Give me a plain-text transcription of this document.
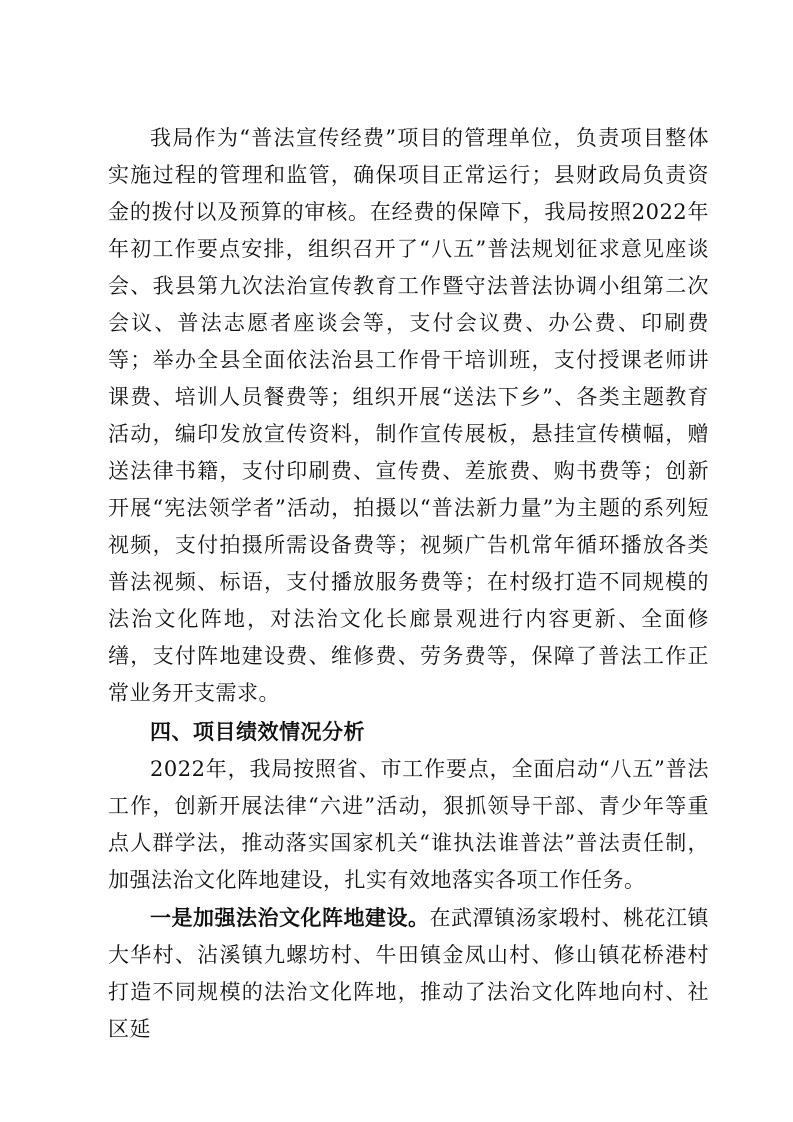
我局作为“普法宣传经费”项目的管理单位，负责项目整体实施过程的管理和监管，确保项目正常运行；县财政局负责资金的拨付以及预算的审核。在经费的保障下，我局按照2022年年初工作要点安排，组织召开了“八五”普法规划征求意见座谈会、我县第九次法治宣传教育工作暨守法普法协调小组第二次会议、普法志愿者座谈会等，支付会议费、办公费、印刷费等；举办全县全面依法治县工作骨干培训班，支付授课老师讲课费、培训人员餐费等；组织开展“送法下乡”、各类主题教育活动，编印发放宣传资料，制作宣传展板，悬挂宣传横幅，赠送法律书籍，支付印刷费、宣传费、差旅费、购书费等；创新开展“宪法领学者”活动，拍摄以“普法新力量”为主题的系列短视频，支付拍摄所需设备费等；视频广告机常年循环播放各类普法视频、标语，支付播放服务费等；在村级打造不同规模的法治文化阵地，对法治文化长廊景观进行内容更新、全面修缮，支付阵地建设费、维修费、劳务费等，保障了普法工作正常业务开支需求。

四、项目绩效情况分析

2022年，我局按照省、市工作要点，全面启动“八五”普法工作，创新开展法律“六进”活动，狠抓领导干部、青少年等重点人群学法，推动落实国家机关“谁执法谁普法”普法责任制，加强法治文化阵地建设，扎实有效地落实各项工作任务。

一是加强法治文化阵地建设。在武潭镇汤家塅村、桃花江镇大华村、沾溪镇九螺坊村、牛田镇金凤山村、修山镇花桥港村打造不同规模的法治文化阵地，推动了法治文化阵地向村、社区延
